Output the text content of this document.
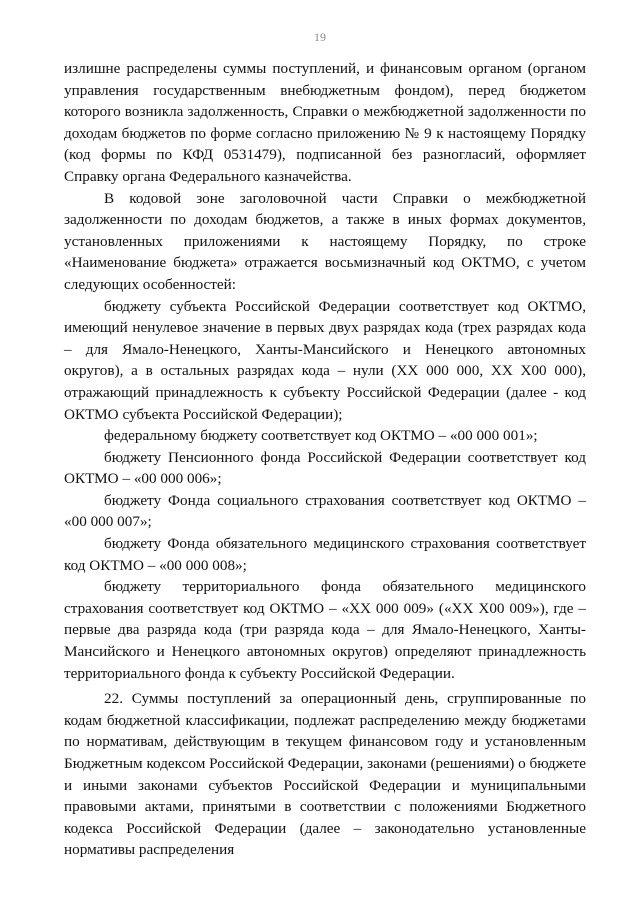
19

излишне распределены суммы поступлений, и финансовым органом (органом управления государственным внебюджетным фондом), перед бюджетом которого возникла задолженность, Справки о межбюджетной задолженности по доходам бюджетов по форме согласно приложению № 9 к настоящему Порядку (код формы по КФД 0531479), подписанной без разногласий, оформляет Справку органа Федерального казначейства.

В кодовой зоне заголовочной части Справки о межбюджетной задолженности по доходам бюджетов, а также в иных формах документов, установленных приложениями к настоящему Порядку, по строке «Наименование бюджета» отражается восьмизначный код ОКТМО, с учетом следующих особенностей:

бюджету субъекта Российской Федерации соответствует код ОКТМО, имеющий ненулевое значение в первых двух разрядах кода (трех разрядах кода – для Ямало-Ненецкого, Ханты-Мансийского и Ненецкого автономных округов), а в остальных разрядах кода – нули (XX 000 000, XX X00 000), отражающий принадлежность к субъекту Российской Федерации (далее - код ОКТМО субъекта Российской Федерации);

федеральному бюджету соответствует код ОКТМО – «00 000 001»;

бюджету Пенсионного фонда Российской Федерации соответствует код ОКТМО – «00 000 006»;

бюджету Фонда социального страхования соответствует код ОКТМО – «00 000 007»;

бюджету Фонда обязательного медицинского страхования соответствует код ОКТМО – «00 000 008»;

бюджету территориального фонда обязательного медицинского страхования соответствует код ОКТМО – «XX 000 009» («XX X00 009»), где – первые два разряда кода (три разряда кода – для Ямало-Ненецкого, Ханты-Мансийского и Ненецкого автономных округов) определяют принадлежность территориального фонда к субъекту Российской Федерации.

22. Суммы поступлений за операционный день, сгруппированные по кодам бюджетной классификации, подлежат распределению между бюджетами по нормативам, действующим в текущем финансовом году и установленным Бюджетным кодексом Российской Федерации, законами (решениями) о бюджете и иными законами субъектов Российской Федерации и муниципальными правовыми актами, принятыми в соответствии с положениями Бюджетного кодекса Российской Федерации (далее – законодательно установленные нормативы распределения
